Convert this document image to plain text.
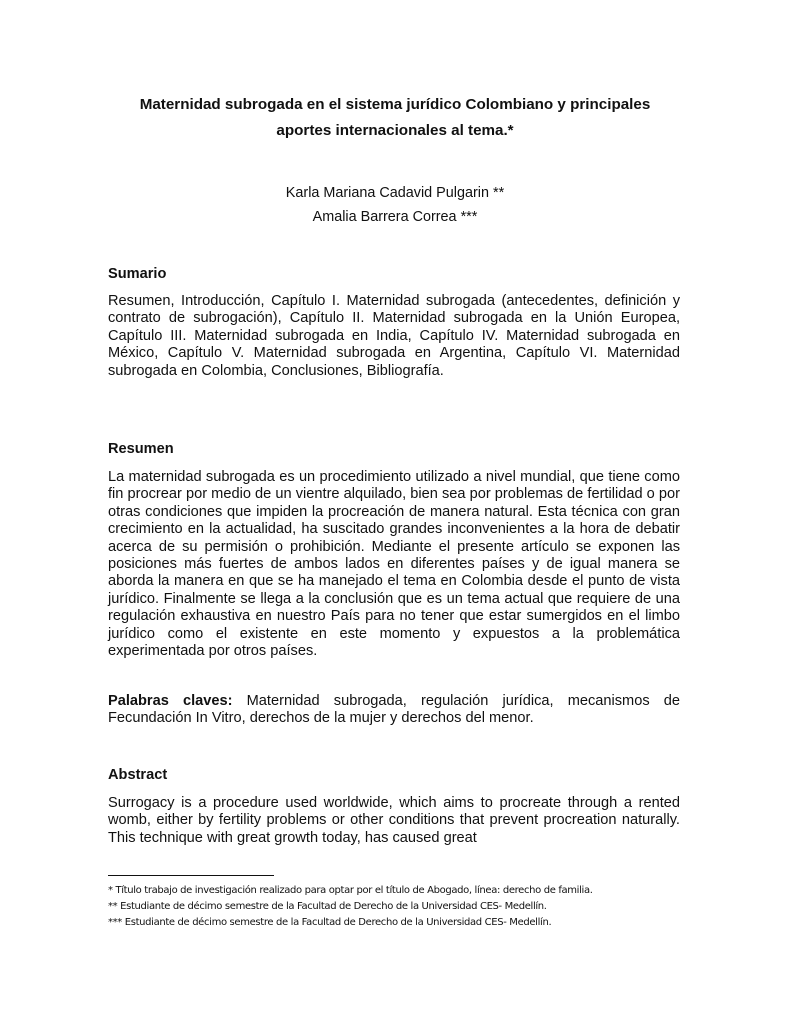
Maternidad subrogada en el sistema jurídico Colombiano y principales
aportes internacionales al tema.*
Karla Mariana Cadavid Pulgarin **
Amalia Barrera Correa ***
Sumario
Resumen, Introducción, Capítulo I. Maternidad subrogada (antecedentes, definición y contrato de subrogación), Capítulo II. Maternidad subrogada en la Unión Europea, Capítulo III. Maternidad subrogada en India, Capítulo IV. Maternidad subrogada en México, Capítulo V. Maternidad subrogada en Argentina, Capítulo VI. Maternidad subrogada en Colombia, Conclusiones, Bibliografía.
Resumen
La maternidad subrogada es un procedimiento utilizado a nivel mundial, que tiene como fin procrear por medio de un vientre alquilado, bien sea por problemas de fertilidad o por otras condiciones que impiden la procreación de manera natural. Esta técnica con gran crecimiento en la actualidad, ha suscitado grandes inconvenientes a la hora de debatir acerca de su permisión o prohibición. Mediante el presente artículo se exponen las posiciones más fuertes de ambos lados en diferentes países y de igual manera se aborda la manera en que se ha manejado el tema en Colombia desde el punto de vista jurídico. Finalmente se llega a la conclusión que es un tema actual que requiere de una regulación exhaustiva en nuestro País para no tener que estar sumergidos en el limbo jurídico como el existente en este momento y expuestos a la problemática experimentada por otros países.
Palabras claves: Maternidad subrogada, regulación jurídica, mecanismos de Fecundación In Vitro, derechos de la mujer y derechos del menor.
Abstract
Surrogacy is a procedure used worldwide, which aims to procreate through a rented womb, either by fertility problems or other conditions that prevent procreation naturally. This technique with great growth today, has caused great
* Título trabajo de investigación realizado para optar por el título de Abogado, línea: derecho de familia.
** Estudiante de décimo semestre de la Facultad de Derecho de la Universidad CES- Medellín.
*** Estudiante de décimo semestre de la Facultad de Derecho de la Universidad CES- Medellín.
